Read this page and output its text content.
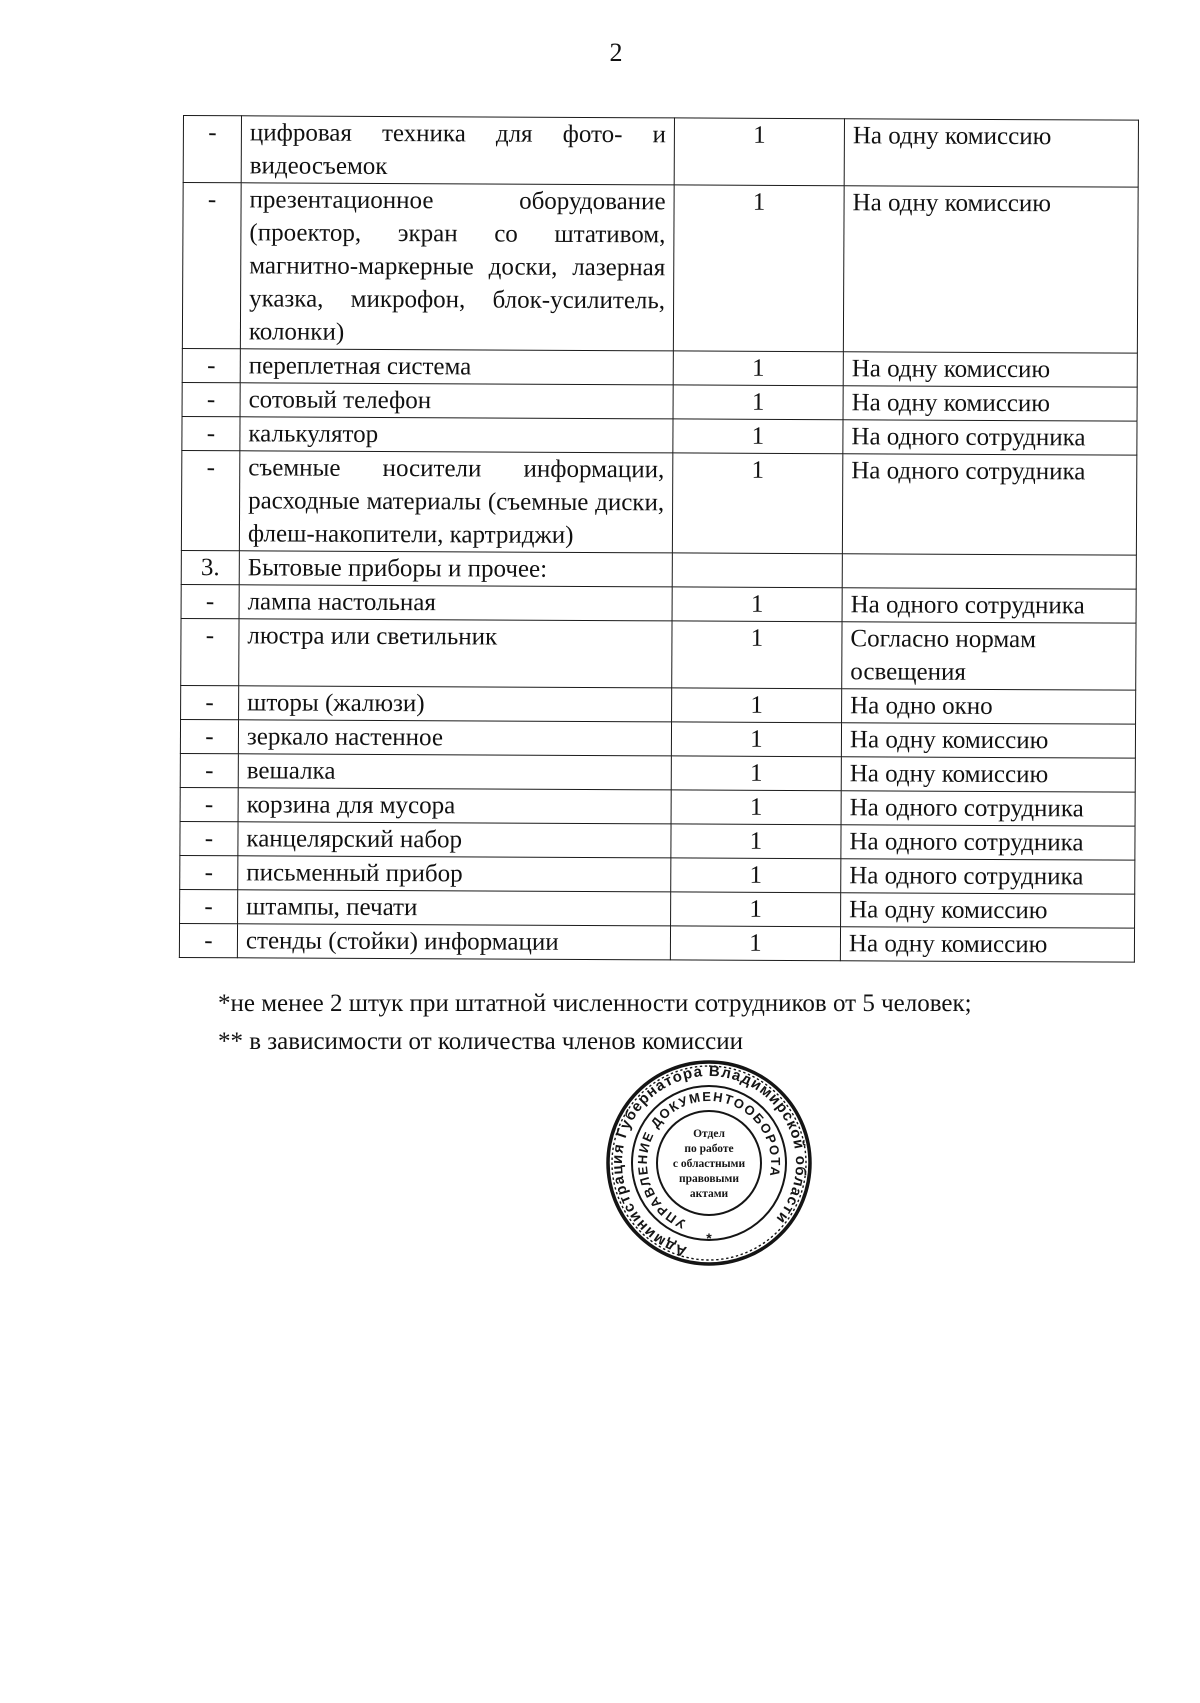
2
-	цифровая техника для фото- и видеосъемок	1	На одну комиссию
-	презентационное оборудование (проектор, экран со штативом, магнитно-маркерные доски, лазерная указка, микрофон, блок-усилитель, колонки)	1	На одну комиссию
-	переплетная система	1	На одну комиссию
-	сотовый телефон	1	На одну комиссию
-	калькулятор	1	На одного сотрудника
-	съемные носители информации, расходные материалы (съемные диски, флеш-накопители, картриджи)	1	На одного сотрудника
3.	Бытовые приборы и прочее:		
-	лампа настольная	1	На одного сотрудника
-	люстра или светильник	1	Согласно нормам освещения
-	шторы (жалюзи)	1	На одно окно
-	зеркало настенное	1	На одну комиссию
-	вешалка	1	На одну комиссию
-	корзина для мусора	1	На одного сотрудника
-	канцелярский набор	1	На одного сотрудника
-	письменный прибор	1	На одного сотрудника
-	штампы, печати	1	На одну комиссию
-	стенды (стойки) информации	1	На одну комиссию
*не менее 2 штук при штатной численности сотрудников от 5 человек;
** в зависимости от количества членов комиссии
Администрация Губернатора Владимирской области
УПРАВЛЕНИЕ ДОКУМЕНТООБОРОТА
*
Отдел
по работе
с областными
правовыми
актами
